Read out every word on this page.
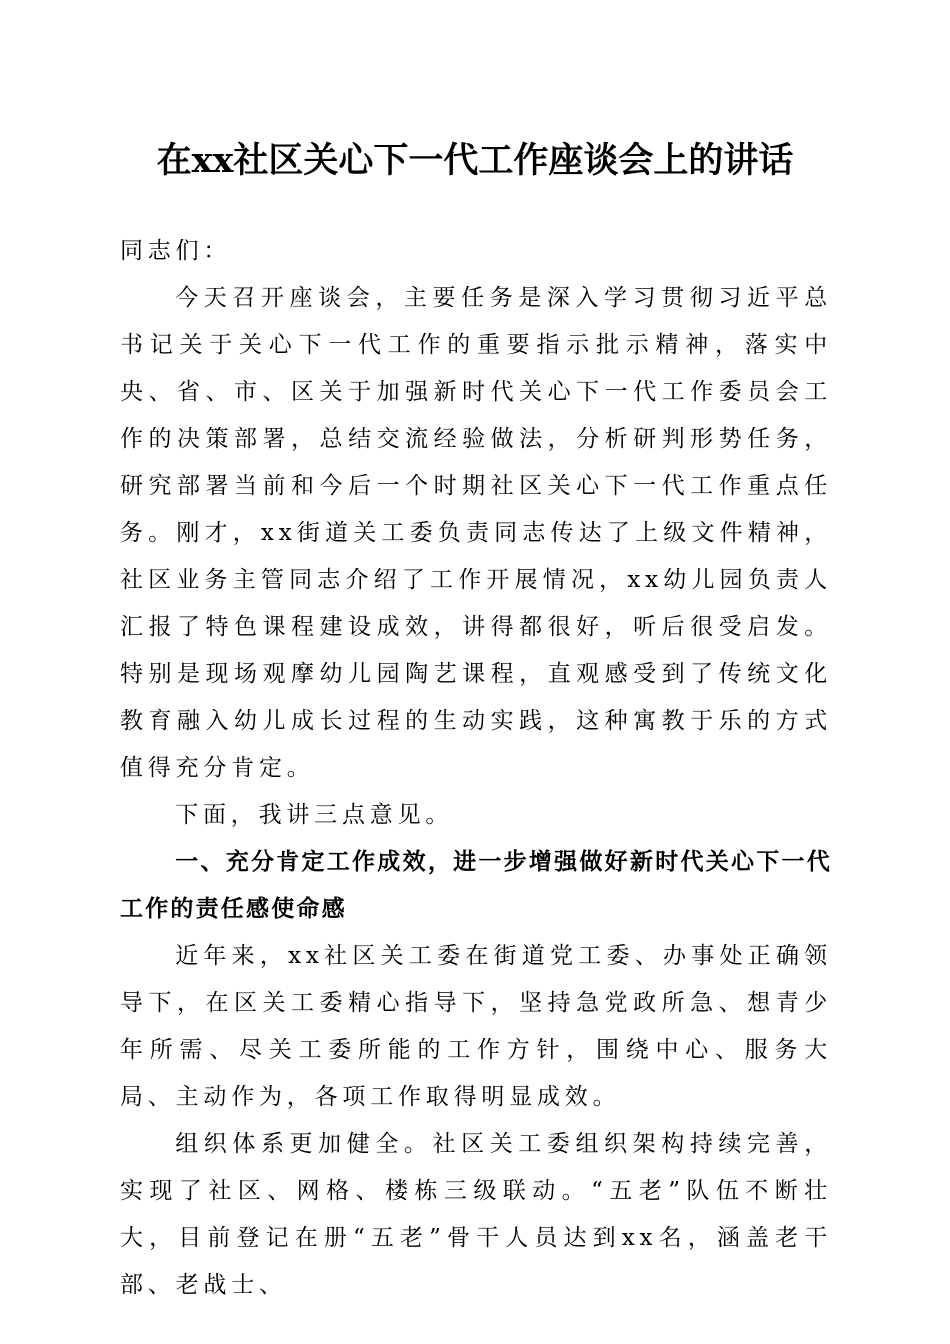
在xx社区关心下一代工作座谈会上的讲话

同志们：

今天召开座谈会，主要任务是深入学习贯彻习近平总书记关于关心下一代工作的重要指示批示精神，落实中央、省、市、区关于加强新时代关心下一代工作委员会工作的决策部署，总结交流经验做法，分析研判形势任务，研究部署当前和今后一个时期社区关心下一代工作重点任务。刚才，xx街道关工委负责同志传达了上级文件精神，社区业务主管同志介绍了工作开展情况，xx幼儿园负责人汇报了特色课程建设成效，讲得都很好，听后很受启发。特别是现场观摩幼儿园陶艺课程，直观感受到了传统文化教育融入幼儿成长过程的生动实践，这种寓教于乐的方式值得充分肯定。

下面，我讲三点意见。

一、充分肯定工作成效，进一步增强做好新时代关心下一代工作的责任感使命感

近年来，xx社区关工委在街道党工委、办事处正确领导下，在区关工委精心指导下，坚持急党政所急、想青少年所需、尽关工委所能的工作方针，围绕中心、服务大局、主动作为，各项工作取得明显成效。

组织体系更加健全。社区关工委组织架构持续完善，实现了社区、网格、楼栋三级联动。“五老”队伍不断壮大，目前登记在册“五老”骨干人员达到xx名，涵盖老干部、老战士、
